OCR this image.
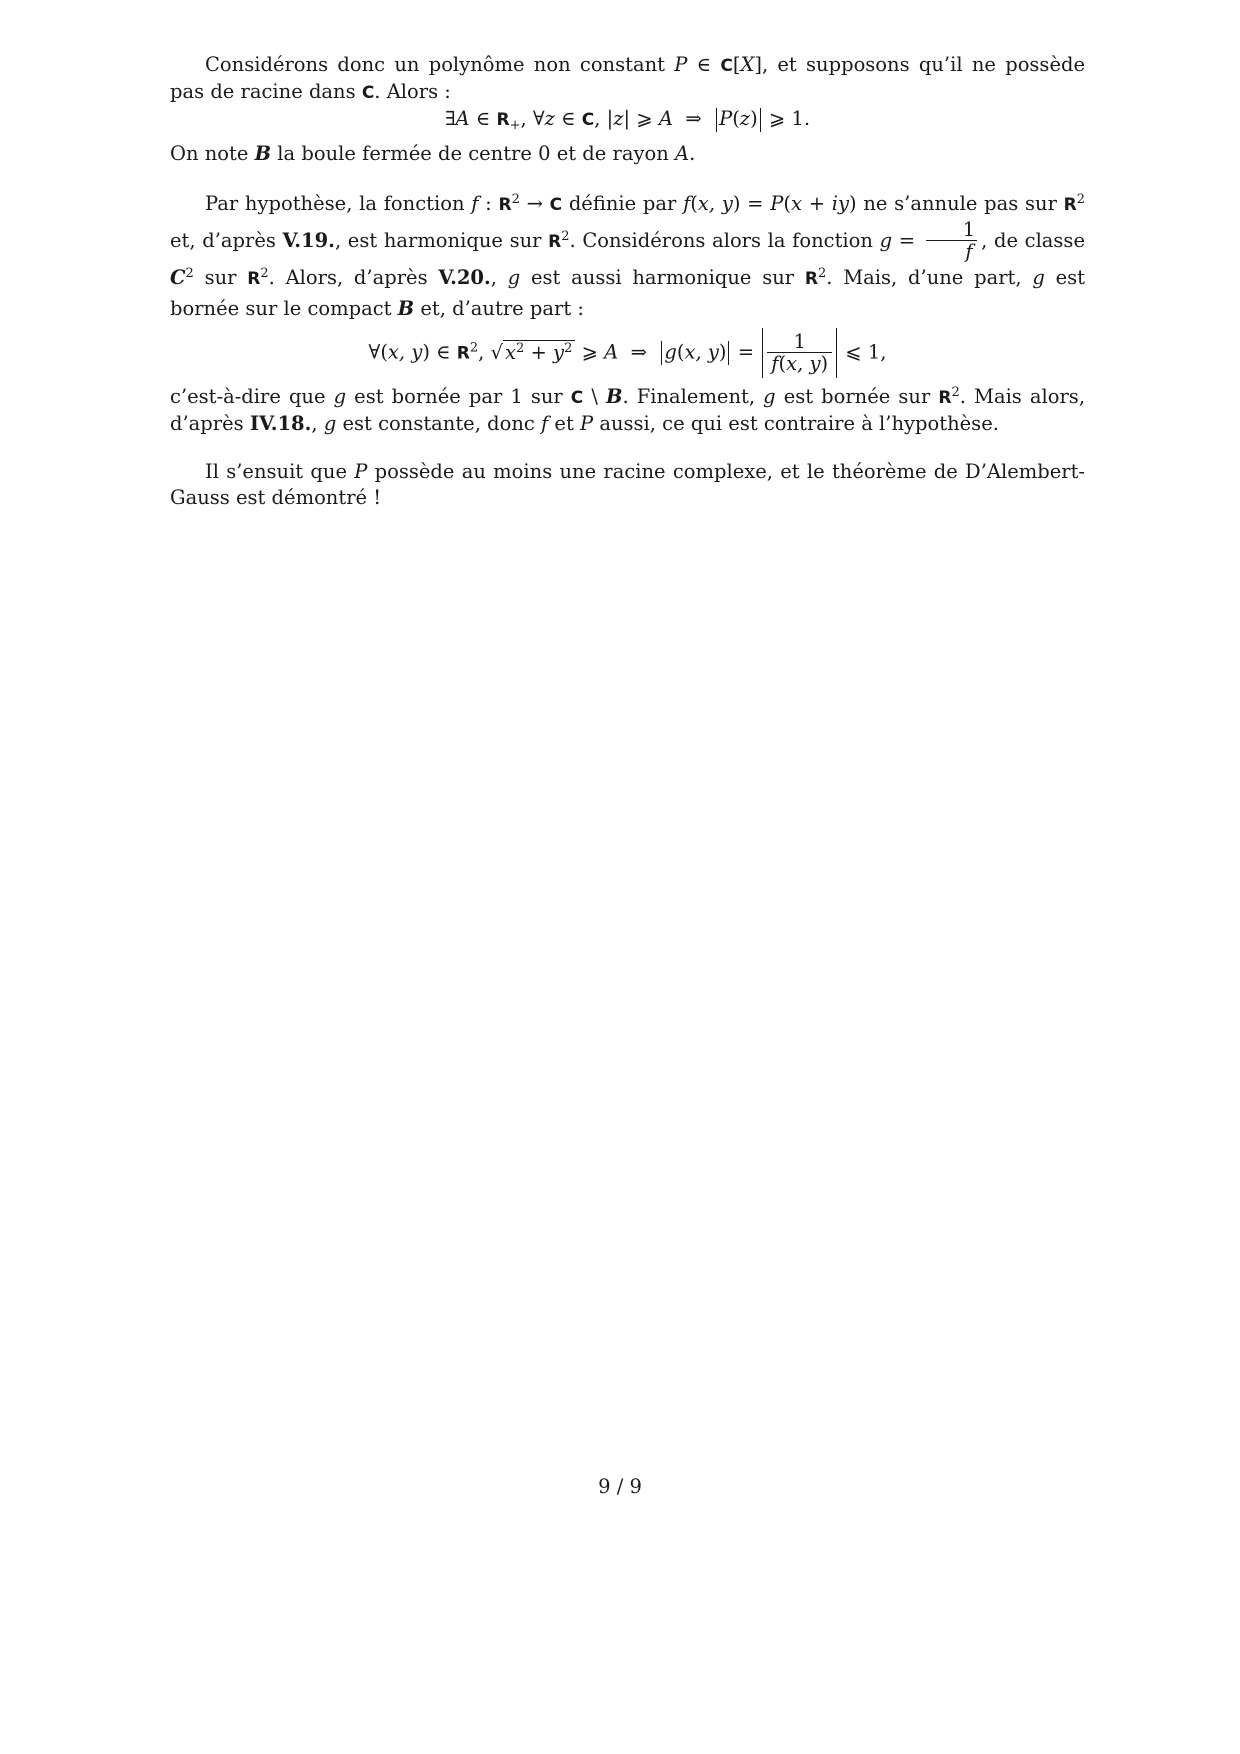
Considérons donc un polynôme non constant P ∈ C[X], et supposons qu’il ne possède pas de racine dans C. Alors :

∃A ∈ $R_+$, ∀z ∈ C, |z| ⩾ A ⇒ P(z) ⩾ 1.

On note B la boule fermée de centre 0 et de rayon A.

Par hypothèse, la fonction f : $R^2 \to C$ définie par f(x, y) = P(x + iy) ne s’annule pas sur $R^2$ et, d’après V.19., est harmonique sur $R^2$. Considérons alors la fonction $g = \frac{1}{f}$ , de classe $C^2$ sur $R^2$. Alors, d’après V.20., g est aussi harmonique sur $R^2$. Mais, d’une part, g est bornée sur le compact B et, d’autre part :

∀(x, y) ∈ $R^2$, √ $x^2 + y^2$ ⩾ A ⇒ g(x, $y) = \frac{1}{f(x, y)}$ ⩽ 1,

c’est-à-dire que g est bornée par 1 sur C \ B. Finalement, g est bornée sur $R^2$. Mais alors, d’après IV.18., g est constante, donc f et P aussi, ce qui est contraire à l’hypothèse.

Il s’ensuit que P possède au moins une racine complexe, et le théorème de D’Alembert-Gauss est démontré !

9 / 9
